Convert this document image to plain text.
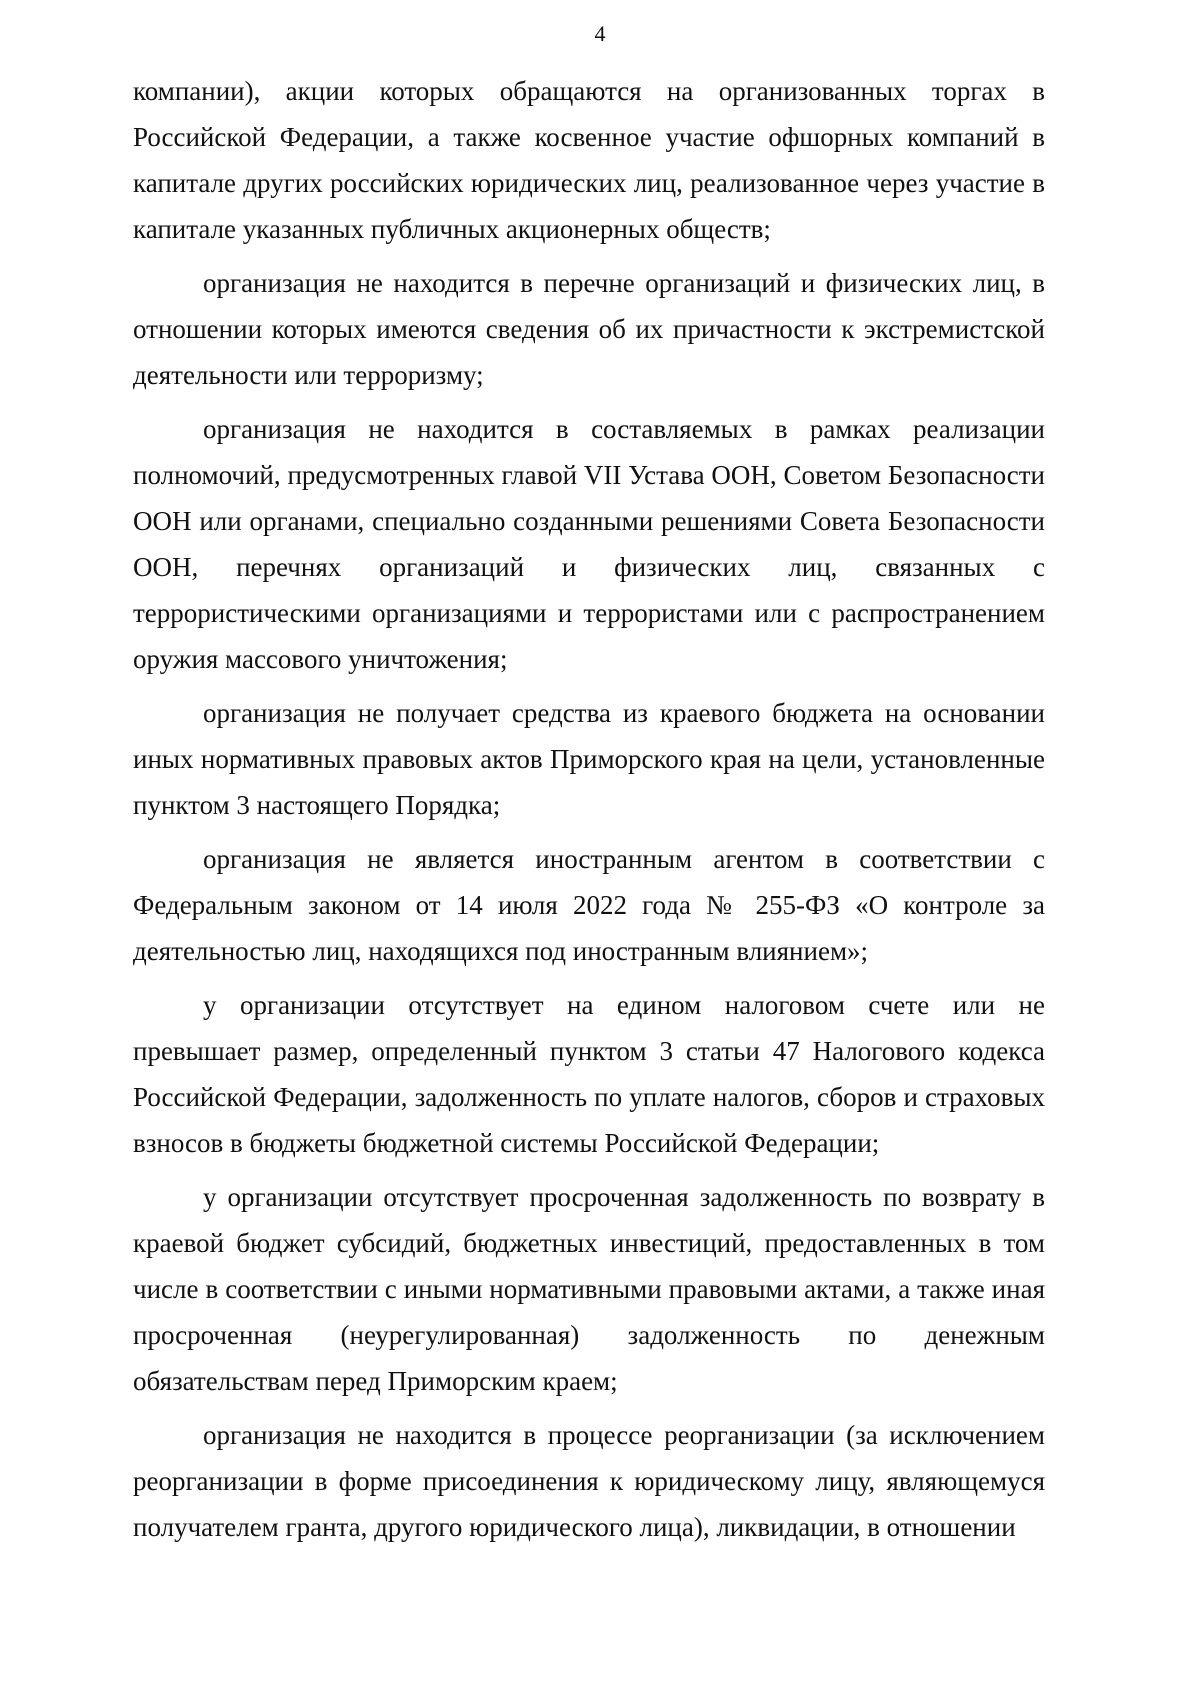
4

компании), акции которых обращаются на организованных торгах в Российской Федерации, а также косвенное участие офшорных компаний в капитале других российских юридических лиц, реализованное через участие в капитале указанных публичных акционерных обществ;

организация не находится в перечне организаций и физических лиц, в отношении которых имеются сведения об их причастности к экстремистской деятельности или терроризму;

организация не находится в составляемых в рамках реализации полномочий, предусмотренных главой VII Устава ООН, Советом Безопасности ООН или органами, специально созданными решениями Совета Безопасности ООН, перечнях организаций и физических лиц, связанных с террористическими организациями и террористами или с распространением оружия массового уничтожения;

организация не получает средства из краевого бюджета на основании иных нормативных правовых актов Приморского края на цели, установленные пунктом 3 настоящего Порядка;

организация не является иностранным агентом в соответствии с Федеральным законом от 14 июля 2022 года № 255-ФЗ «О контроле за деятельностью лиц, находящихся под иностранным влиянием»;

у организации отсутствует на едином налоговом счете или не превышает размер, определенный пунктом 3 статьи 47 Налогового кодекса Российской Федерации, задолженность по уплате налогов, сборов и страховых взносов в бюджеты бюджетной системы Российской Федерации;

у организации отсутствует просроченная задолженность по возврату в краевой бюджет субсидий, бюджетных инвестиций, предоставленных в том числе в соответствии с иными нормативными правовыми актами, а также иная просроченная (неурегулированная) задолженность по денежным обязательствам перед Приморским краем;

организация не находится в процессе реорганизации (за исключением реорганизации в форме присоединения к юридическому лицу, являющемуся получателем гранта, другого юридического лица), ликвидации, в отношении
